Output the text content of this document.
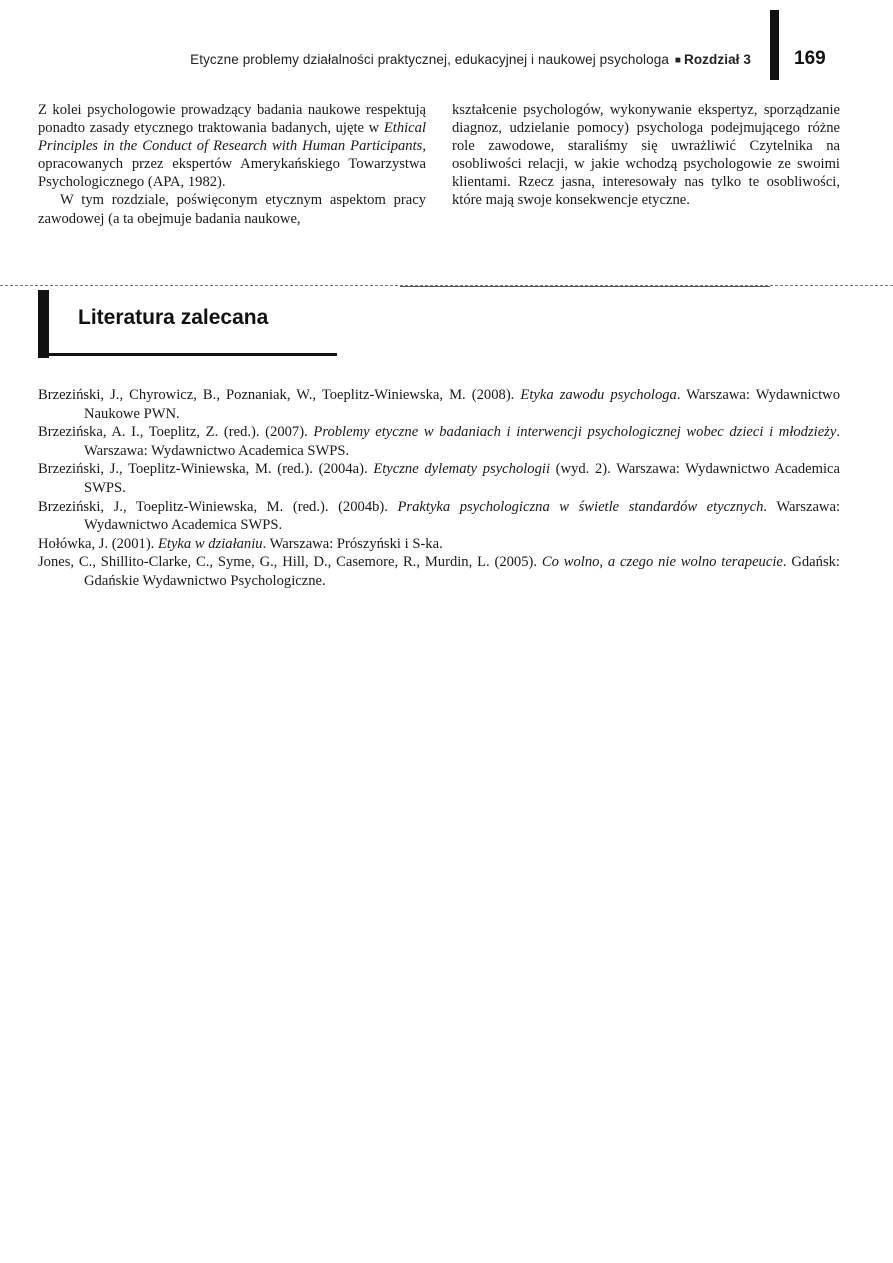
Etyczne problemy działalności praktycznej, edukacyjnej i naukowej psychologa ■ Rozdział 3 169

Z kolei psychologowie prowadzący badania naukowe respektują ponadto zasady etycznego traktowania badanych, ujęte w Ethical Principles in the Conduct of Research with Human Participants, opracowanych przez ekspertów Amerykańskiego Towarzystwa Psychologicznego (APA, 1982).

W tym rozdziale, poświęconym etycznym aspektom pracy zawodowej (a ta obejmuje badania naukowe,

kształcenie psychologów, wykonywanie ekspertyz, sporządzanie diagnoz, udzielanie pomocy) psychologa podejmującego różne role zawodowe, staraliśmy się uwrażliwić Czytelnika na osobliwości relacji, w jakie wchodzą psychologowie ze swoimi klientami. Rzecz jasna, interesowały nas tylko te osobliwości, które mają swoje konsekwencje etyczne.

Literatura zalecana
Brzeziński, J., Chyrowicz, B., Poznaniak, W., Toeplitz-Winiewska, M. (2008). Etyka zawodu psychologa. Warszawa: Wydawnictwo Naukowe PWN.
Brzezińska, A. I., Toeplitz, Z. (red.). (2007). Problemy etyczne w badaniach i interwencji psychologicznej wobec dzieci i młodzieży. Warszawa: Wydawnictwo Academica SWPS.
Brzeziński, J., Toeplitz-Winiewska, M. (red.). (2004a). Etyczne dylematy psychologii (wyd. 2). Warszawa: Wydawnictwo Academica SWPS.
Brzeziński, J., Toeplitz-Winiewska, M. (red.). (2004b). Praktyka psychologiczna w świetle standardów etycznych. Warszawa: Wydawnictwo Academica SWPS.
Hołówka, J. (2001). Etyka w działaniu. Warszawa: Prószyński i S-ka.
Jones, C., Shillito-Clarke, C., Syme, G., Hill, D., Casemore, R., Murdin, L. (2005). Co wolno, a czego nie wolno terapeucie. Gdańsk: Gdańskie Wydawnictwo Psychologiczne.
